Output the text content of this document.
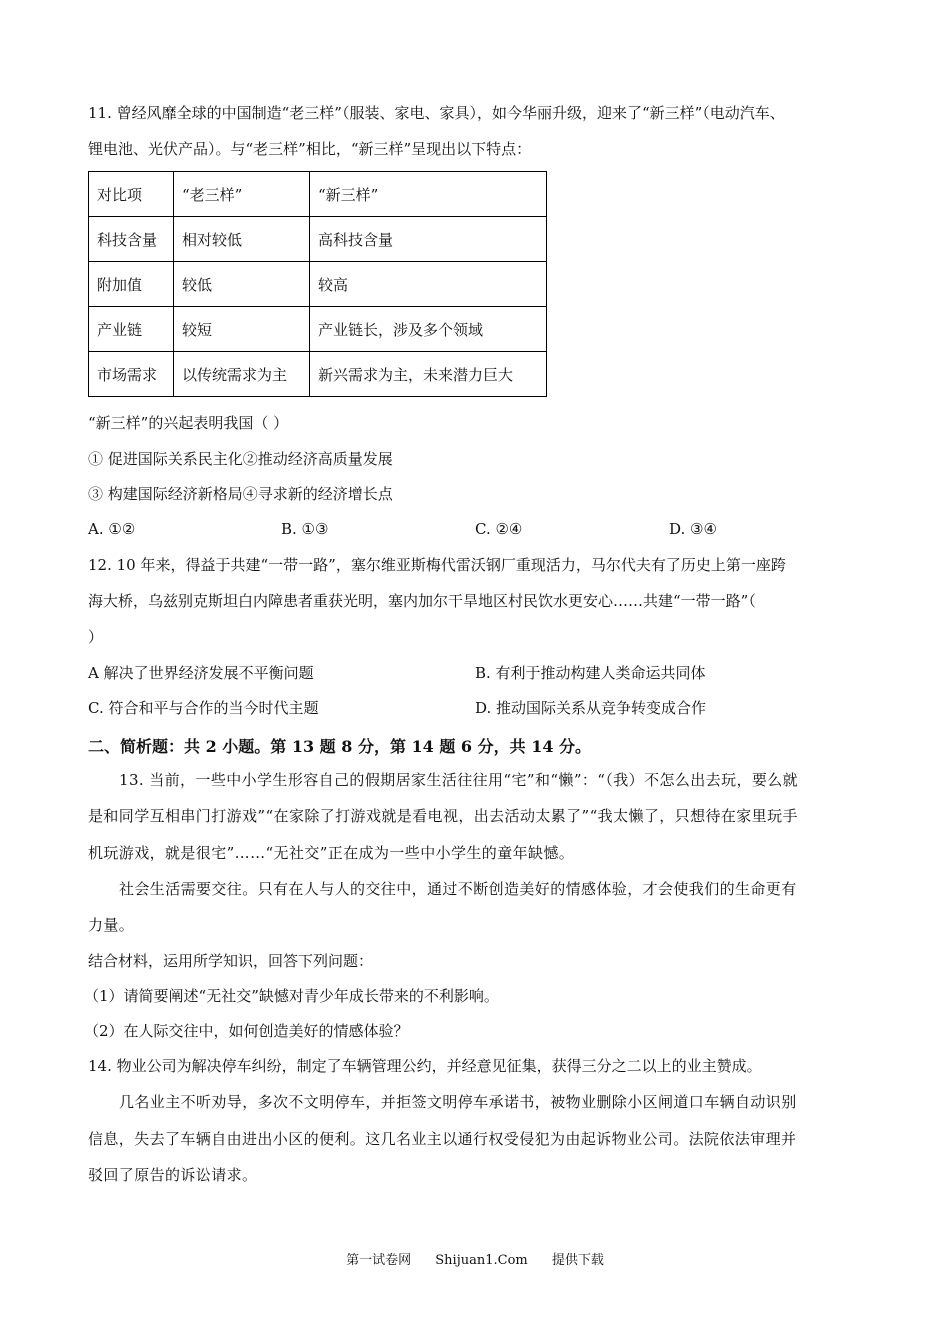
11. 曾经风靡全球的中国制造“老三样”（服装、家电、家具），如今华丽升级，迎来了“新三样”（电动汽车、
锂电池、光伏产品）。与“老三样”相比，“新三样”呈现出以下特点：
对比项	“老三样”	“新三样”
科技含量	相对较低	高科技含量
附加值	较低	较高
产业链	较短	产业链长，涉及多个领域
市场需求	以传统需求为主	新兴需求为主，未来潜力巨大
“新三样”的兴起表明我国（ ）
① 促进国际关系民主化②推动经济高质量发展
③ 构建国际经济新格局④寻求新的经济增长点
A. ①②	B. ①③	C. ②④	D. ③④
12. 10 年来，得益于共建“一带一路”，塞尔维亚斯梅代雷沃钢厂重现活力，马尔代夫有了历史上第一座跨
海大桥，乌兹别克斯坦白内障患者重获光明，塞内加尔干旱地区村民饮水更安心……共建“一带一路”（
）
A 解决了世界经济发展不平衡问题	B. 有利于推动构建人类命运共同体
C. 符合和平与合作的当今时代主题	D. 推动国际关系从竞争转变成合作
二、简析题：共 2 小题。第 13 题 8 分，第 14 题 6 分，共 14 分。
13. 当前，一些中小学生形容自己的假期居家生活往往用“宅”和“懒”：“（我）不怎么出去玩，要么就
是和同学互相串门打游戏”“在家除了打游戏就是看电视，出去活动太累了”“我太懒了，只想待在家里玩手
机玩游戏，就是很宅”……“无社交”正在成为一些中小学生的童年缺憾。
社会生活需要交往。只有在人与人的交往中，通过不断创造美好的情感体验，才会使我们的生命更有
力量。
结合材料，运用所学知识，回答下列问题：
（1）请简要阐述“无社交”缺憾对青少年成长带来的不利影响。
（2）在人际交往中，如何创造美好的情感体验？
14. 物业公司为解决停车纠纷，制定了车辆管理公约，并经意见征集，获得三分之二以上的业主赞成。
几名业主不听劝导，多次不文明停车，并拒签文明停车承诺书，被物业删除小区闸道口车辆自动识别
信息，失去了车辆自由进出小区的便利。这几名业主以通行权受侵犯为由起诉物业公司。法院依法审理并
驳回了原告的诉讼请求。
第一试卷网 Shijuan1.Com 提供下载
